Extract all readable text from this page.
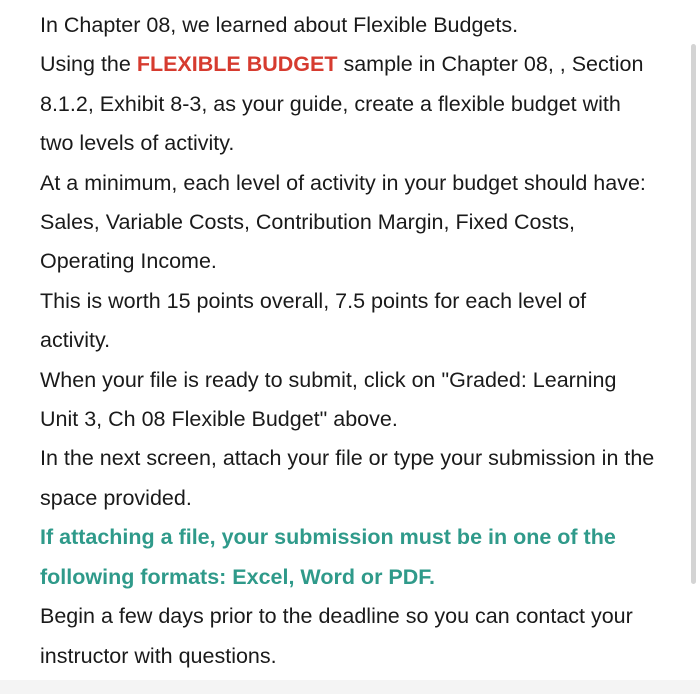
In Chapter 08, we learned about Flexible Budgets.

Using the FLEXIBLE BUDGET sample in Chapter 08, , Section 8.1.2, Exhibit 8-3, as your guide, create a flexible budget with two levels of activity.

At a minimum, each level of activity in your budget should have: Sales, Variable Costs, Contribution Margin, Fixed Costs, Operating Income.

This is worth 15 points overall, 7.5 points for each level of activity.

When your file is ready to submit, click on "Graded: Learning Unit 3, Ch 08 Flexible Budget" above.

In the next screen, attach your file or type your submission in the space provided.

If attaching a file, your submission must be in one of the following formats: Excel, Word or PDF.

Begin a few days prior to the deadline so you can contact your instructor with questions.
